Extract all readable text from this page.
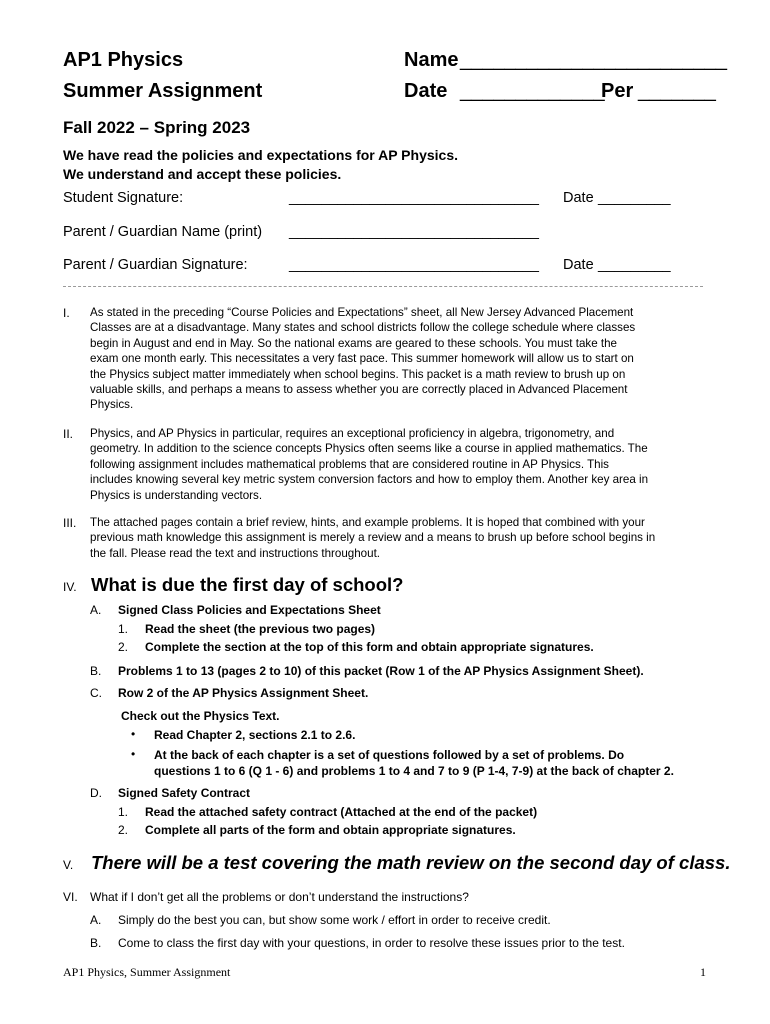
AP1 Physics
Summer Assignment
Name ________________________
Date _____________
Per _______
Fall 2022 – Spring 2023
We have read the policies and expectations for AP Physics.
We understand and accept these policies.
Student Signature:	_______________________________ Date _________
Parent / Guardian Name (print) _______________________________
Parent / Guardian Signature:	_______________________________ Date _________
I. As stated in the preceding “Course Policies and Expectations” sheet, all New Jersey Advanced Placement
Classes are at a disadvantage. Many states and school districts follow the college schedule where classes
begin in August and end in May. So the national exams are geared to these schools. You must take the
exam one month early. This necessitates a very fast pace. This summer homework will allow us to start on
the Physics subject matter immediately when school begins. This packet is a math review to brush up on
valuable skills, and perhaps a means to assess whether you are correctly placed in Advanced Placement
Physics.
II. Physics, and AP Physics in particular, requires an exceptional proficiency in algebra, trigonometry, and
geometry. In addition to the science concepts Physics often seems like a course in applied mathematics. The
following assignment includes mathematical problems that are considered routine in AP Physics. This
includes knowing several key metric system conversion factors and how to employ them. Another key area in
Physics is understanding vectors.
III. The attached pages contain a brief review, hints, and example problems. It is hoped that combined with your
previous math knowledge this assignment is merely a review and a means to brush up before school begins in
the fall. Please read the text and instructions throughout.
IV. What is due the first day of school?
A. Signed Class Policies and Expectations Sheet
1. Read the sheet (the previous two pages)
2. Complete the section at the top of this form and obtain appropriate signatures.
B. Problems 1 to 13 (pages 2 to 10) of this packet (Row 1 of the AP Physics Assignment Sheet).
C. Row 2 of the AP Physics Assignment Sheet.
Check out the Physics Text.
• Read Chapter 2, sections 2.1 to 2.6.
• At the back of each chapter is a set of questions followed by a set of problems. Do
questions 1 to 6 (Q 1 - 6) and problems 1 to 4 and 7 to 9 (P 1-4, 7-9) at the back of chapter 2.
D. Signed Safety Contract
1. Read the attached safety contract (Attached at the end of the packet)
2. Complete all parts of the form and obtain appropriate signatures.
V. There will be a test covering the math review on the second day of class.
VI. What if I don’t get all the problems or don’t understand the instructions?
A. Simply do the best you can, but show some work / effort in order to receive credit.
B. Come to class the first day with your questions, in order to resolve these issues prior to the test.
AP1 Physics, Summer Assignment	1
